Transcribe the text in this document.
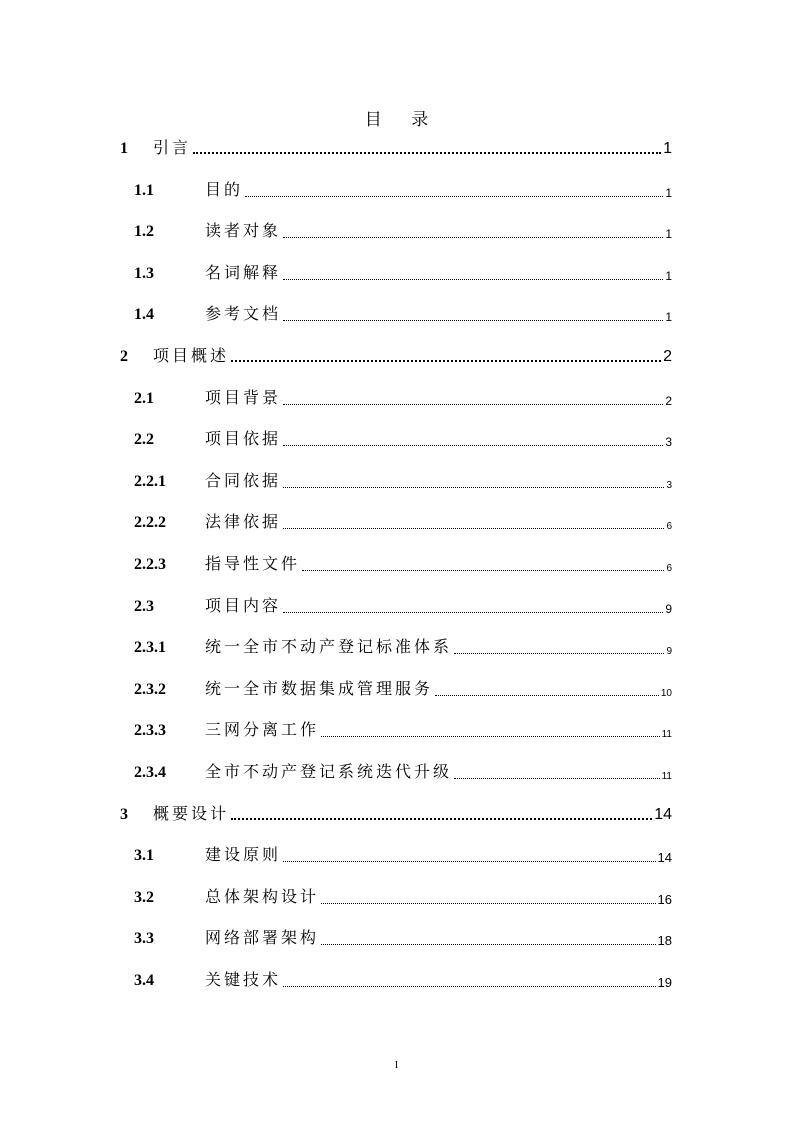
目 录
1 引言	1
1.1	目的	1
1.2	读者对象	1
1.3	名词解释	1
1.4	参考文档	1
2 项目概述	2
2.1	项目背景	2
2.2	项目依据	3
2.2.1 合同依据	3
2.2.2 法律依据	6
2.2.3 指导性文件	6
2.3	项目内容	9
2.3.1 统一全市不动产登记标准体系	9
2.3.2 统一全市数据集成管理服务	10
2.3.3 三网分离工作	11
2.3.4 全市不动产登记系统迭代升级	11
3 概要设计	14
3.1	建设原则	14
3.2	总体架构设计	16
3.3	网络部署架构	18
3.4	关键技术	19
I
